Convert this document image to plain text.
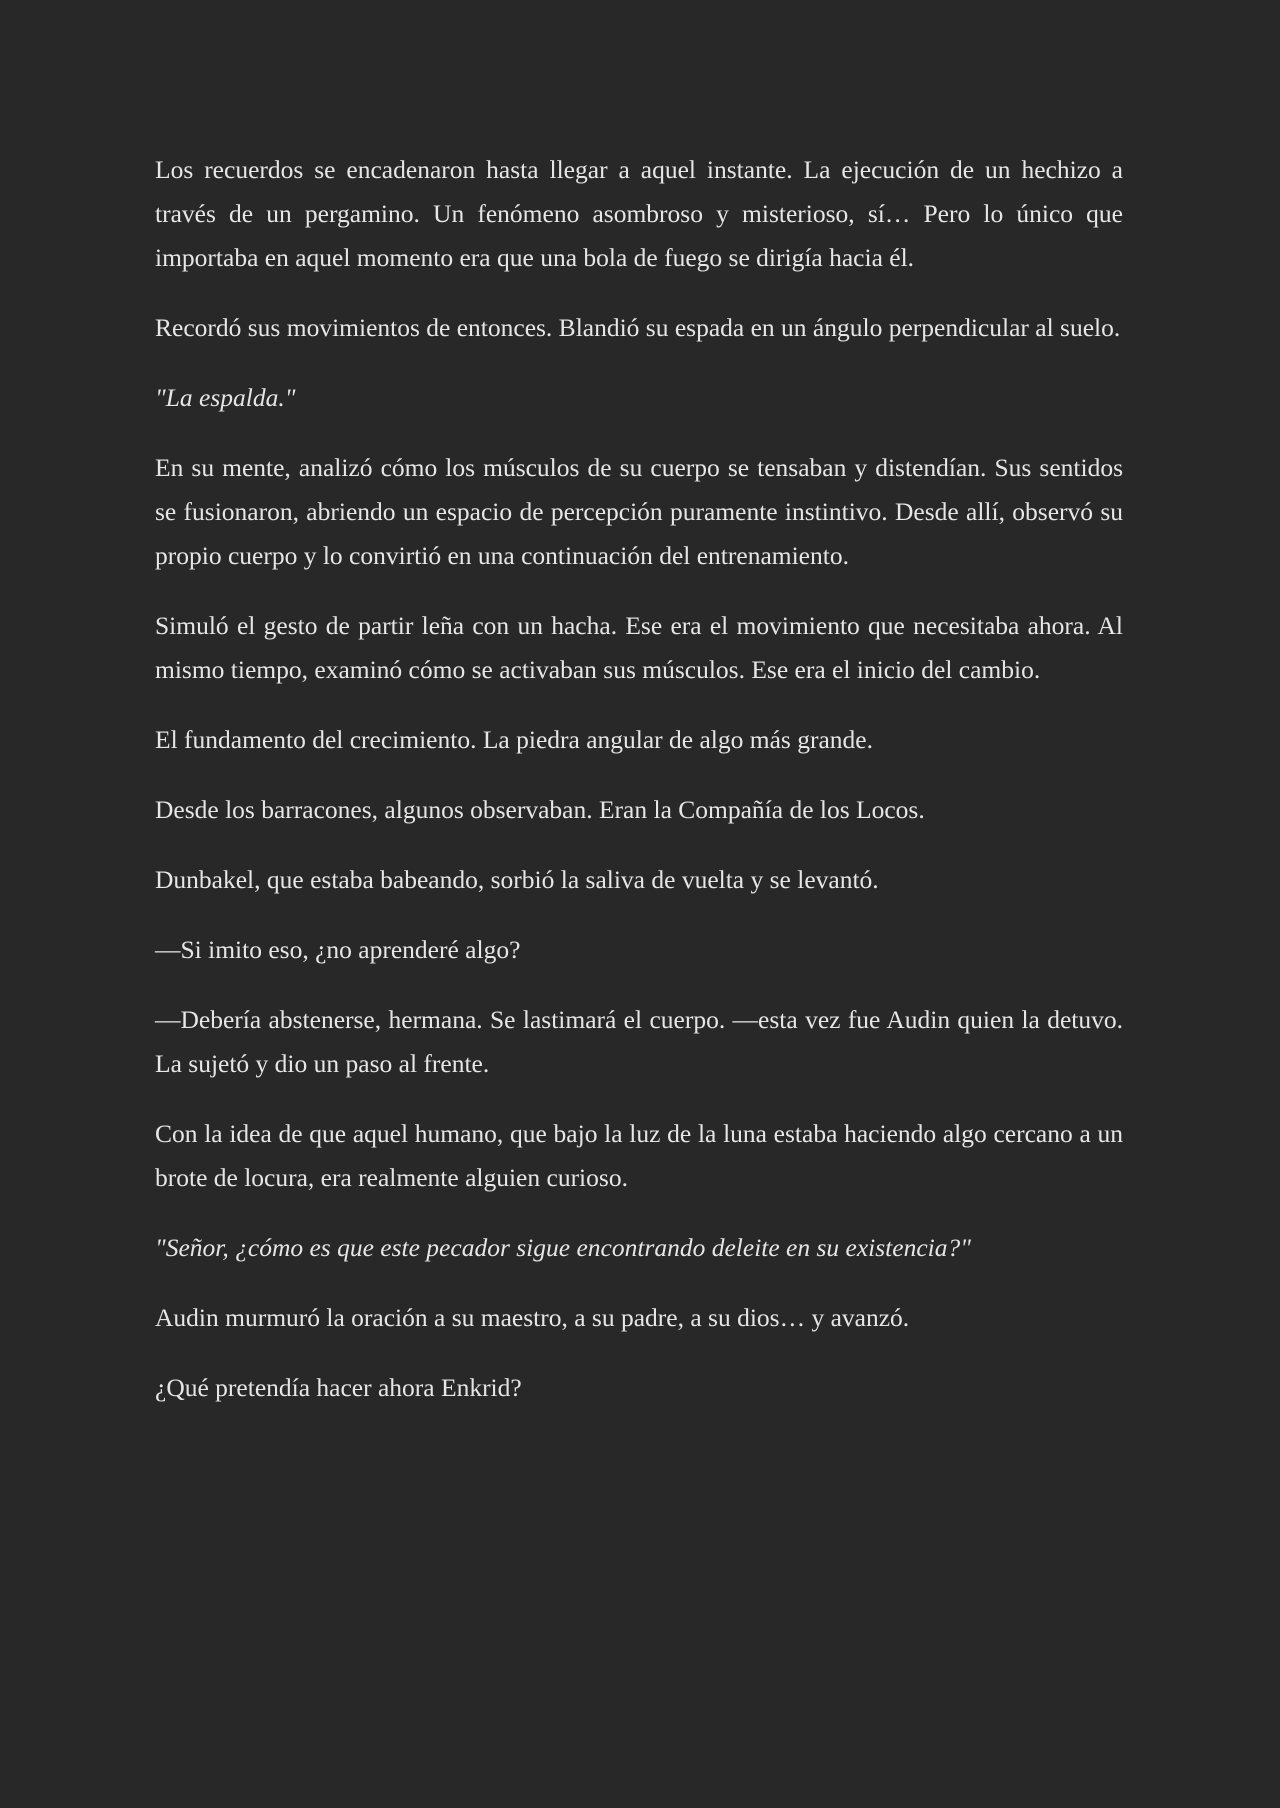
Los recuerdos se encadenaron hasta llegar a aquel instante. La ejecución de un hechizo a través de un pergamino. Un fenómeno asombroso y misterioso, sí… Pero lo único que importaba en aquel momento era que una bola de fuego se dirigía hacia él.

Recordó sus movimientos de entonces. Blandió su espada en un ángulo perpendicular al suelo.

"La espalda."

En su mente, analizó cómo los músculos de su cuerpo se tensaban y distendían. Sus sentidos se fusionaron, abriendo un espacio de percepción puramente instintivo. Desde allí, observó su propio cuerpo y lo convirtió en una continuación del entrenamiento.

Simuló el gesto de partir leña con un hacha. Ese era el movimiento que necesitaba ahora. Al mismo tiempo, examinó cómo se activaban sus músculos. Ese era el inicio del cambio.

El fundamento del crecimiento. La piedra angular de algo más grande.

Desde los barracones, algunos observaban. Eran la Compañía de los Locos.

Dunbakel, que estaba babeando, sorbió la saliva de vuelta y se levantó.

—Si imito eso, ¿no aprenderé algo?

—Debería abstenerse, hermana. Se lastimará el cuerpo. —esta vez fue Audin quien la detuvo. La sujetó y dio un paso al frente.

Con la idea de que aquel humano, que bajo la luz de la luna estaba haciendo algo cercano a un brote de locura, era realmente alguien curioso.

"Señor, ¿cómo es que este pecador sigue encontrando deleite en su existencia?"

Audin murmuró la oración a su maestro, a su padre, a su dios… y avanzó.

¿Qué pretendía hacer ahora Enkrid?
